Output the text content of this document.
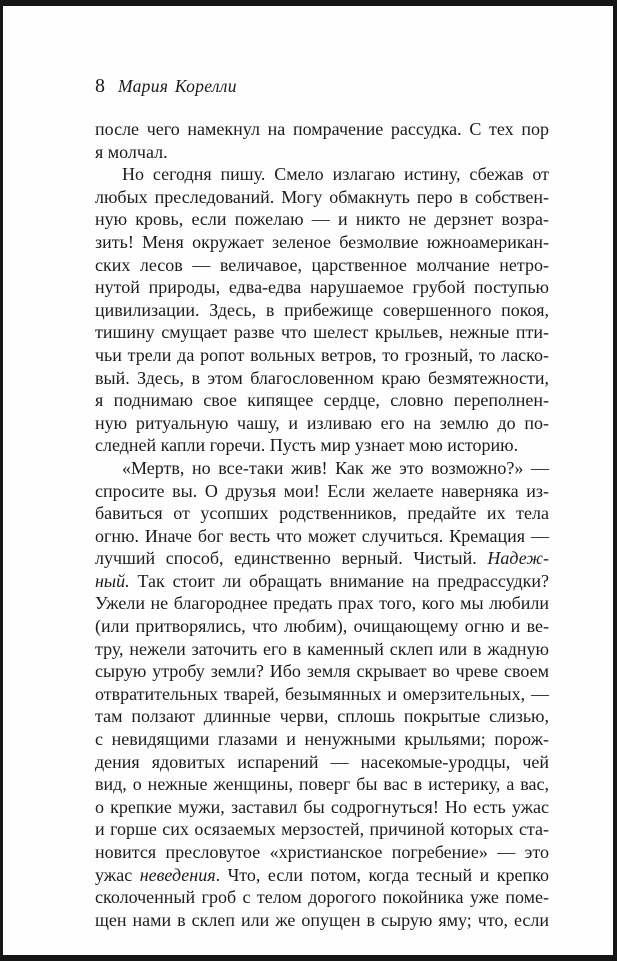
8 Мария Корелли
после чего намекнул на помрачение рассудка. С тех пор
я молчал.
Но сегодня пишу. Смело излагаю истину, сбежав от
любых преследований. Могу обмакнуть перо в собствен-
ную кровь, если пожелаю — и никто не дерзнет возра-
зить! Меня окружает зеленое безмолвие южноамерикан-
ских лесов — величавое, царственное молчание нетро-
нутой природы, едва-едва нарушаемое грубой поступью
цивилизации. Здесь, в прибежище совершенного покоя,
тишину смущает разве что шелест крыльев, нежные пти-
чьи трели да ропот вольных ветров, то грозный, то ласко-
вый. Здесь, в этом благословенном краю безмятежности,
я поднимаю свое кипящее сердце, словно переполнен-
ную ритуальную чашу, и изливаю его на землю до по-
следней капли горечи. Пусть мир узнает мою историю.
«Мертв, но все-таки жив! Как же это возможно?» —
спросите вы. О друзья мои! Если желаете наверняка из-
бавиться от усопших родственников, предайте их тела
огню. Иначе бог весть что может случиться. Кремация —
лучший способ, единственно верный. Чистый. Надеж-
ный. Так стоит ли обращать внимание на предрассудки?
Ужели не благороднее предать прах того, кого мы любили
(или притворялись, что любим), очищающему огню и ве-
тру, нежели заточить его в каменный склеп или в жадную
сырую утробу земли? Ибо земля скрывает во чреве своем
отвратительных тварей, безымянных и омерзительных, —
там ползают длинные черви, сплошь покрытые слизью,
с невидящими глазами и ненужными крыльями; порож-
дения ядовитых испарений — насекомые-уродцы, чей
вид, о нежные женщины, поверг бы вас в истерику, а вас,
о крепкие мужи, заставил бы содрогнуться! Но есть ужас
и горше сих осязаемых мерзостей, причиной которых ста-
новится пресловутое «христианское погребение» — это
ужас неведения. Что, если потом, когда тесный и крепко
сколоченный гроб с телом дорогого покойника уже поме-
щен нами в склеп или же опущен в сырую яму; что, если
